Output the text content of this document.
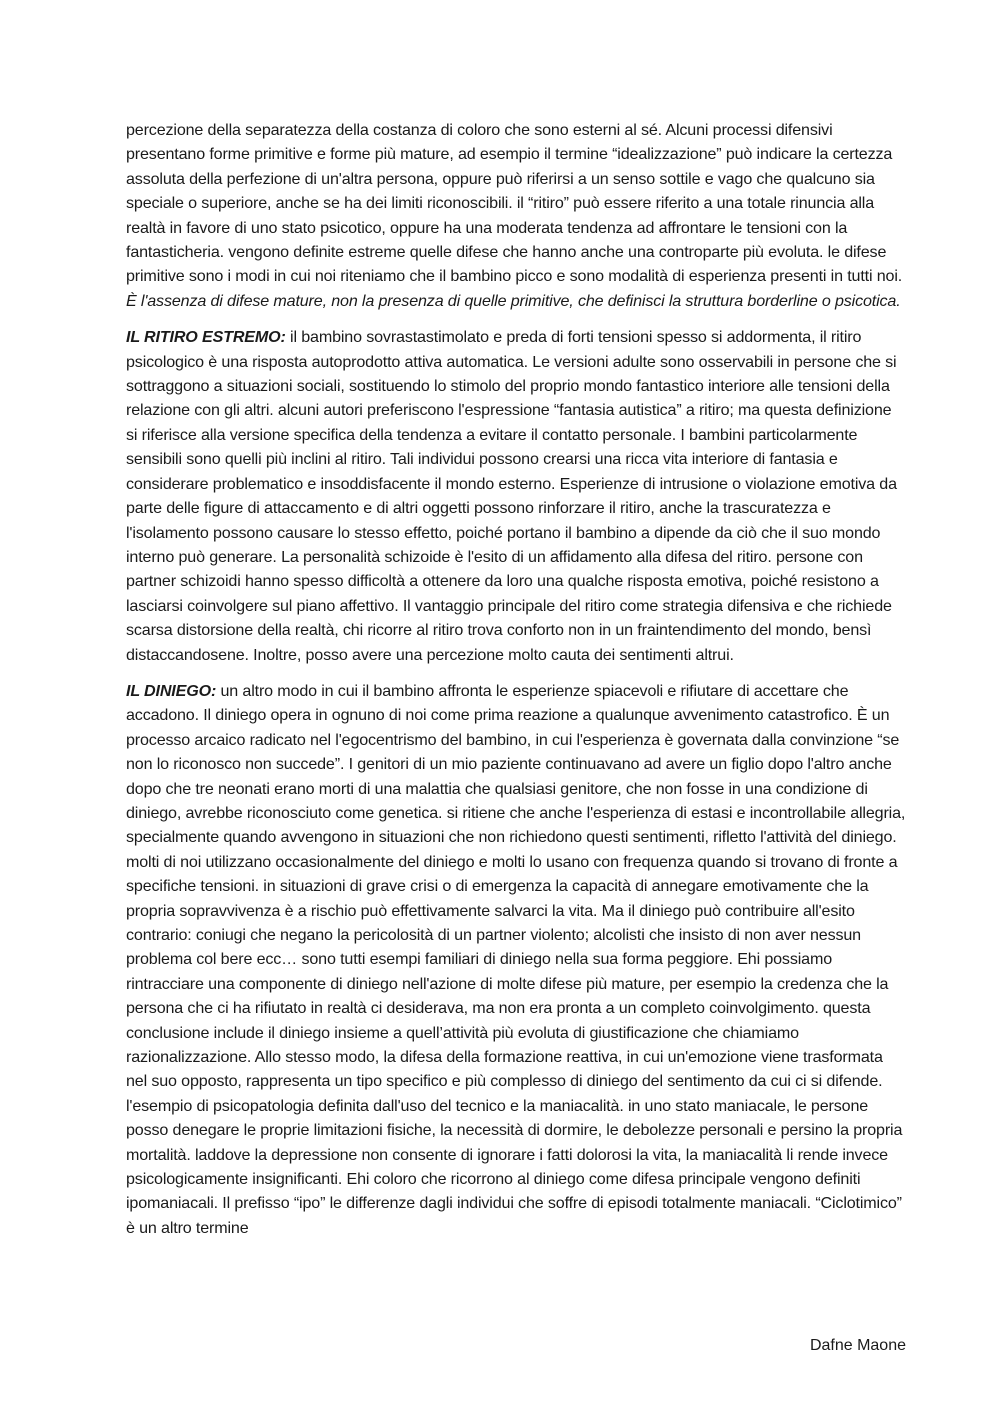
percezione della separatezza della costanza di coloro che sono esterni al sé. Alcuni processi difensivi presentano forme primitive e forme più mature, ad esempio il termine “idealizzazione” può indicare la certezza assoluta della perfezione di un'altra persona, oppure può riferirsi a un senso sottile e vago che qualcuno sia speciale o superiore, anche se ha dei limiti riconoscibili. il “ritiro” può essere riferito a una totale rinuncia alla realtà in favore di uno stato psicotico, oppure ha una moderata tendenza ad affrontare le tensioni con la fantasticheria. vengono definite estreme quelle difese che hanno anche una controparte più evoluta. le difese primitive sono i modi in cui noi riteniamo che il bambino picco e sono modalità di esperienza presenti in tutti noi. È l'assenza di difese mature, non la presenza di quelle primitive, che definisci la struttura borderline o psicotica.

IL RITIRO ESTREMO: il bambino sovrastastimolato e preda di forti tensioni spesso si addormenta, il ritiro psicologico è una risposta autoprodotto attiva automatica. Le versioni adulte sono osservabili in persone che si sottraggono a situazioni sociali, sostituendo lo stimolo del proprio mondo fantastico interiore alle tensioni della relazione con gli altri. alcuni autori preferiscono l'espressione “fantasia autistica” a ritiro; ma questa definizione si riferisce alla versione specifica della tendenza a evitare il contatto personale. I bambini particolarmente sensibili sono quelli più inclini al ritiro. Tali individui possono crearsi una ricca vita interiore di fantasia e considerare problematico e insoddisfacente il mondo esterno. Esperienze di intrusione o violazione emotiva da parte delle figure di attaccamento e di altri oggetti possono rinforzare il ritiro, anche la trascuratezza e l'isolamento possono causare lo stesso effetto, poiché portano il bambino a dipende da ciò che il suo mondo interno può generare. La personalità schizoide è l'esito di un affidamento alla difesa del ritiro. persone con partner schizoidi hanno spesso difficoltà a ottenere da loro una qualche risposta emotiva, poiché resistono a lasciarsi coinvolgere sul piano affettivo. Il vantaggio principale del ritiro come strategia difensiva e che richiede scarsa distorsione della realtà, chi ricorre al ritiro trova conforto non in un fraintendimento del mondo, bensì distaccandosene. Inoltre, posso avere una percezione molto cauta dei sentimenti altrui.

IL DINIEGO: un altro modo in cui il bambino affronta le esperienze spiacevoli e rifiutare di accettare che accadono. Il diniego opera in ognuno di noi come prima reazione a qualunque avvenimento catastrofico. È un processo arcaico radicato nel l'egocentrismo del bambino, in cui l'esperienza è governata dalla convinzione “se non lo riconosco non succede”. I genitori di un mio paziente continuavano ad avere un figlio dopo l'altro anche dopo che tre neonati erano morti di una malattia che qualsiasi genitore, che non fosse in una condizione di diniego, avrebbe riconosciuto come genetica. si ritiene che anche l'esperienza di estasi e incontrollabile allegria, specialmente quando avvengono in situazioni che non richiedono questi sentimenti, rifletto l'attività del diniego. molti di noi utilizzano occasionalmente del diniego e molti lo usano con frequenza quando si trovano di fronte a specifiche tensioni. in situazioni di grave crisi o di emergenza la capacità di annegare emotivamente che la propria sopravvivenza è a rischio può effettivamente salvarci la vita. Ma il diniego può contribuire all'esito contrario: coniugi che negano la pericolosità di un partner violento; alcolisti che insisto di non aver nessun problema col bere ecc… sono tutti esempi familiari di diniego nella sua forma peggiore. Ehi possiamo rintracciare una componente di diniego nell'azione di molte difese più mature, per esempio la credenza che la persona che ci ha rifiutato in realtà ci desiderava, ma non era pronta a un completo coinvolgimento. questa conclusione include il diniego insieme a quell’attività più evoluta di giustificazione che chiamiamo razionalizzazione. Allo stesso modo, la difesa della formazione reattiva, in cui un'emozione viene trasformata nel suo opposto, rappresenta un tipo specifico e più complesso di diniego del sentimento da cui ci si difende. l'esempio di psicopatologia definita dall'uso del tecnico e la maniacalità. in uno stato maniacale, le persone posso denegare le proprie limitazioni fisiche, la necessità di dormire, le debolezze personali e persino la propria mortalità. laddove la depressione non consente di ignorare i fatti dolorosi la vita, la maniacalità li rende invece psicologicamente insignificanti. Ehi coloro che ricorrono al diniego come difesa principale vengono definiti ipomaniacali. Il prefisso “ipo” le differenze dagli individui che soffre di episodi totalmente maniacali. “Ciclotimico” è un altro termine

Dafne Maone
